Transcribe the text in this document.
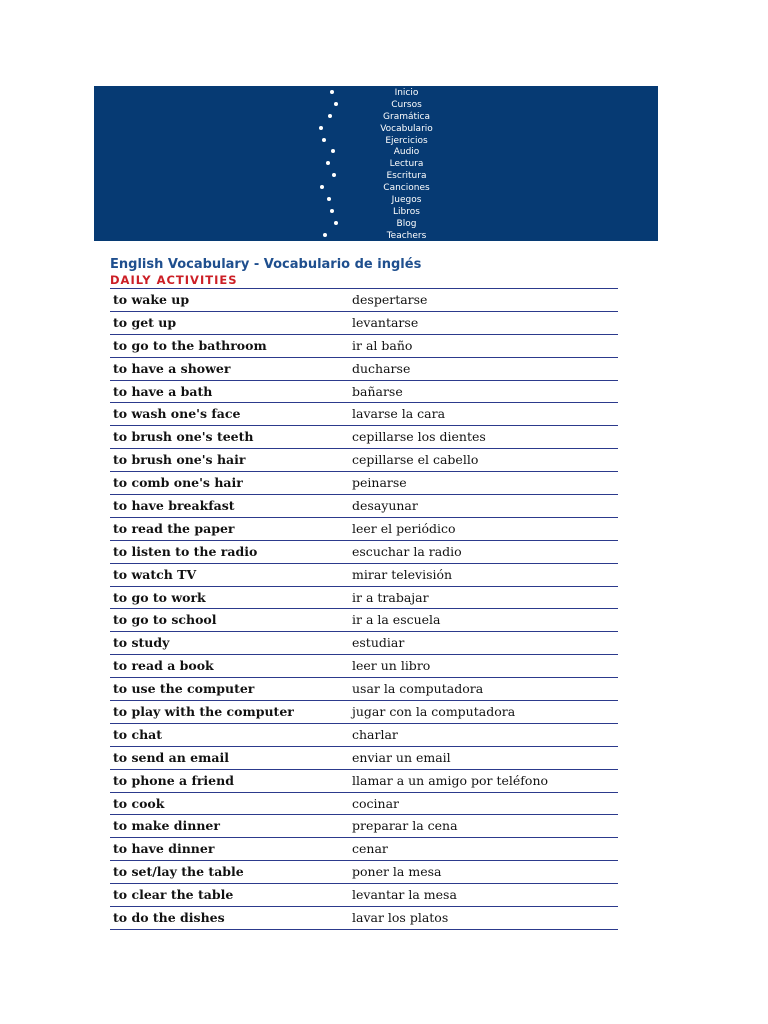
Inicio
Cursos
Gramática
Vocabulario
Ejercicios
Audio
Lectura
Escritura
Canciones
Juegos
Libros
Blog
Teachers
English Vocabulary - Vocabulario de inglés
DAILY ACTIVITIES
to wake up	despertarse
to get up	levantarse
to go to the bathroom	ir al baño
to have a shower	ducharse
to have a bath	bañarse
to wash one's face	lavarse la cara
to brush one's teeth	cepillarse los dientes
to brush one's hair	cepillarse el cabello
to comb one's hair	peinarse
to have breakfast	desayunar
to read the paper	leer el periódico
to listen to the radio	escuchar la radio
to watch TV	mirar televisión
to go to work	ir a trabajar
to go to school	ir a la escuela
to study	estudiar
to read a book	leer un libro
to use the computer	usar la computadora
to play with the computer	jugar con la computadora
to chat	charlar
to send an email	enviar un email
to phone a friend	llamar a un amigo por teléfono
to cook	cocinar
to make dinner	preparar la cena
to have dinner	cenar
to set/lay the table	poner la mesa
to clear the table	levantar la mesa
to do the dishes	lavar los platos
